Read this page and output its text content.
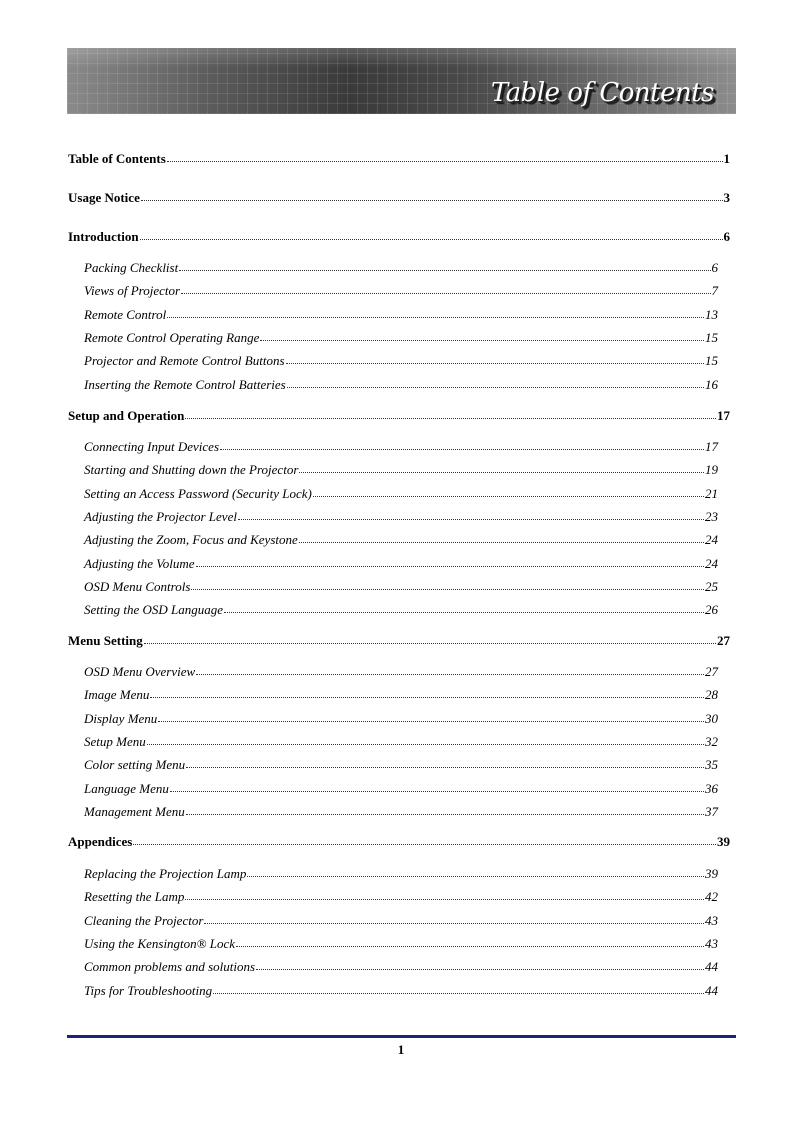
Table of Contents
Table of Contents	1
Usage Notice	3
Introduction	6
Packing Checklist	6
Views of Projector	7
Remote Control	13
Remote Control Operating Range	15
Projector and Remote Control Buttons	15
Inserting the Remote Control Batteries	16
Setup and Operation	17
Connecting Input Devices	17
Starting and Shutting down the Projector	19
Setting an Access Password (Security Lock)	21
Adjusting the Projector Level	23
Adjusting the Zoom, Focus and Keystone	24
Adjusting the Volume	24
OSD Menu Controls	25
Setting the OSD Language	26
Menu Setting	27
OSD Menu Overview	27
Image Menu	28
Display Menu	30
Setup Menu	32
Color setting Menu	35
Language Menu	36
Management Menu	37
Appendices	39
Replacing the Projection Lamp	39
Resetting the Lamp	42
Cleaning the Projector	43
Using the Kensington® Lock	43
Common problems and solutions	44
Tips for Troubleshooting	44
1
